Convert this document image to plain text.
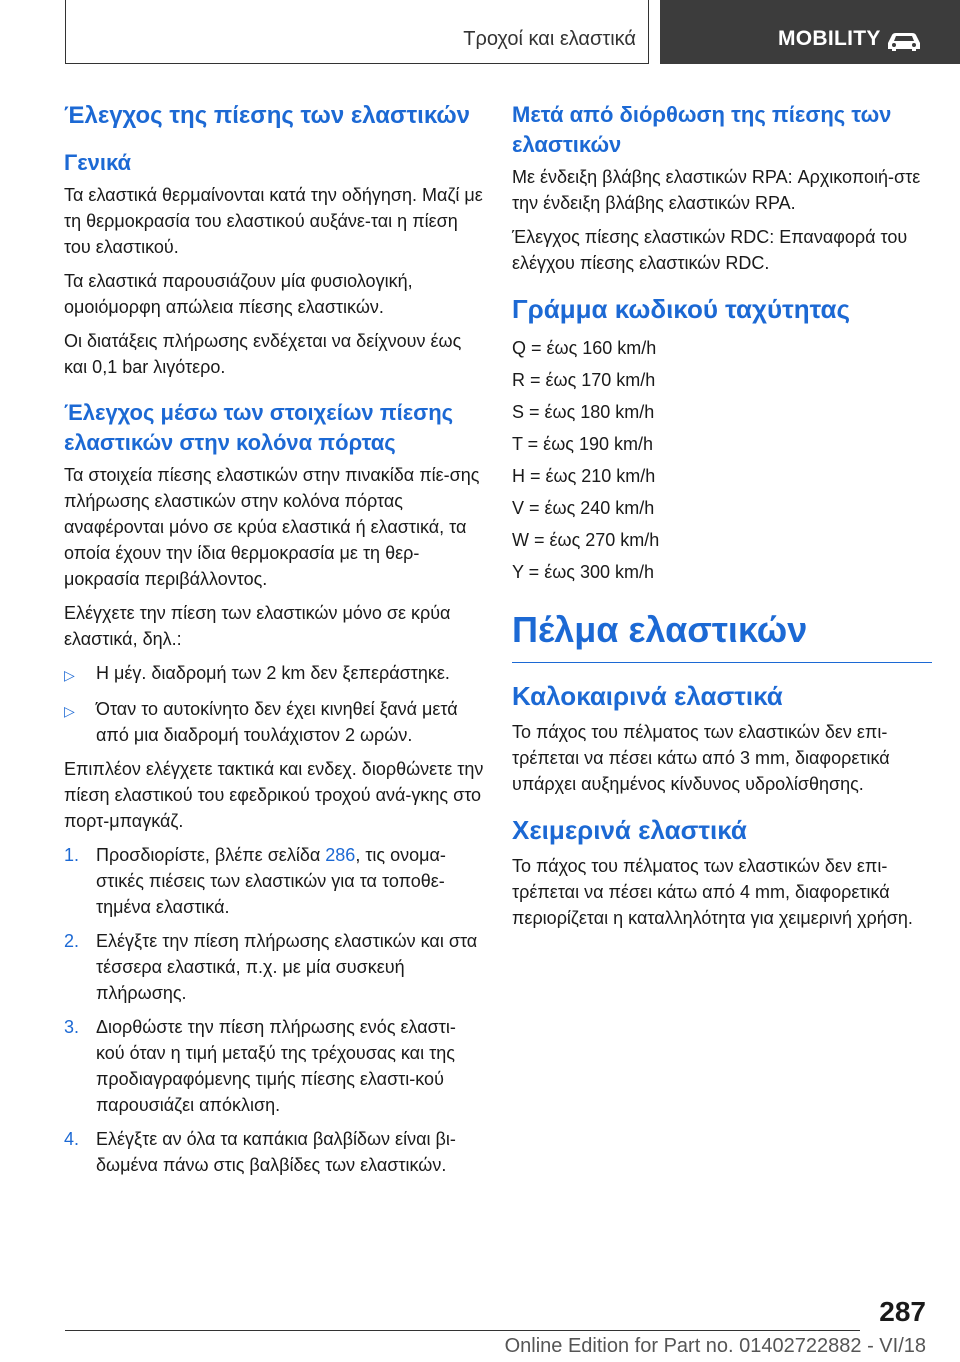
Τροχοί και ελαστικά	MOBILITY
Έλεγχος της πίεσης των ελαστικών
Γενικά

Τα ελαστικά θερμαίνονται κατά την οδήγηση. Μαζί με τη θερμοκρασία του ελαστικού αυξάνε-ται η πίεση του ελαστικού.

Τα ελαστικά παρουσιάζουν μία φυσιολογική, ομοιόμορφη απώλεια πίεσης ελαστικών.

Οι διατάξεις πλήρωσης ενδέχεται να δείχνουν έως και 0,1 bar λιγότερο.

Έλεγχος μέσω των στοιχείων πίεσης ελαστικών στην κολόνα πόρτας

Τα στοιχεία πίεσης ελαστικών στην πινακίδα πίε-σης πλήρωσης ελαστικών στην κολόνα πόρτας αναφέρονται μόνο σε κρύα ελαστικά ή ελαστικά, τα οποία έχουν την ίδια θερμοκρασία με τη θερ-μοκρασία περιβάλλοντος.

Ελέγχετε την πίεση των ελαστικών μόνο σε κρύα ελαστικά, δηλ.:

▷	Η μέγ. διαδρομή των 2 km δεν ξεπεράστηκε.
▷	Όταν το αυτοκίνητο δεν έχει κινηθεί ξανά μετά από μια διαδρομή τουλάχιστον 2 ωρών.

Επιπλέον ελέγχετε τακτικά και ενδεχ. διορθώνετε την πίεση ελαστικού του εφεδρικού τροχού ανά-γκης στο πορτ-μπαγκάζ.

1. Προσδιορίστε, βλέπε σελίδα 286, τις ονομα-στικές πιέσεις των ελαστικών για τα τοποθε-τημένα ελαστικά.
2. Ελέγξτε την πίεση πλήρωσης ελαστικών και στα τέσσερα ελαστικά, π.χ. με μία συσκευή πλήρωσης.
3. Διορθώστε την πίεση πλήρωσης ενός ελαστι-κού όταν η τιμή μεταξύ της τρέχουσας και της προδιαγραφόμενης τιμής πίεσης ελαστι-κού παρουσιάζει απόκλιση.
4. Ελέγξτε αν όλα τα καπάκια βαλβίδων είναι βι-δωμένα πάνω στις βαλβίδες των ελαστικών.
Μετά από διόρθωση της πίεσης των ελαστικών

Με ένδειξη βλάβης ελαστικών RPA: Αρχικοποιή-στε την ένδειξη βλάβης ελαστικών RPA.

Έλεγχος πίεσης ελαστικών RDC: Επαναφορά του ελέγχου πίεσης ελαστικών RDC.

Γράμμα κωδικού ταχύτητας
Q = έως 160 km/h
R = έως 170 km/h
S = έως 180 km/h
T = έως 190 km/h
H = έως 210 km/h
V = έως 240 km/h
W = έως 270 km/h
Y = έως 300 km/h
Πέλμα ελαστικών
Καλοκαιρινά ελαστικά

Το πάχος του πέλματος των ελαστικών δεν επι-τρέπεται να πέσει κάτω από 3 mm, διαφορετικά υπάρχει αυξημένος κίνδυνος υδρολίσθησης.

Χειμερινά ελαστικά

Το πάχος του πέλματος των ελαστικών δεν επι-τρέπεται να πέσει κάτω από 4 mm, διαφορετικά περιορίζεται η καταλληλότητα για χειμερινή χρήση.

287
Online Edition for Part no. 01402722882 - VI/18
